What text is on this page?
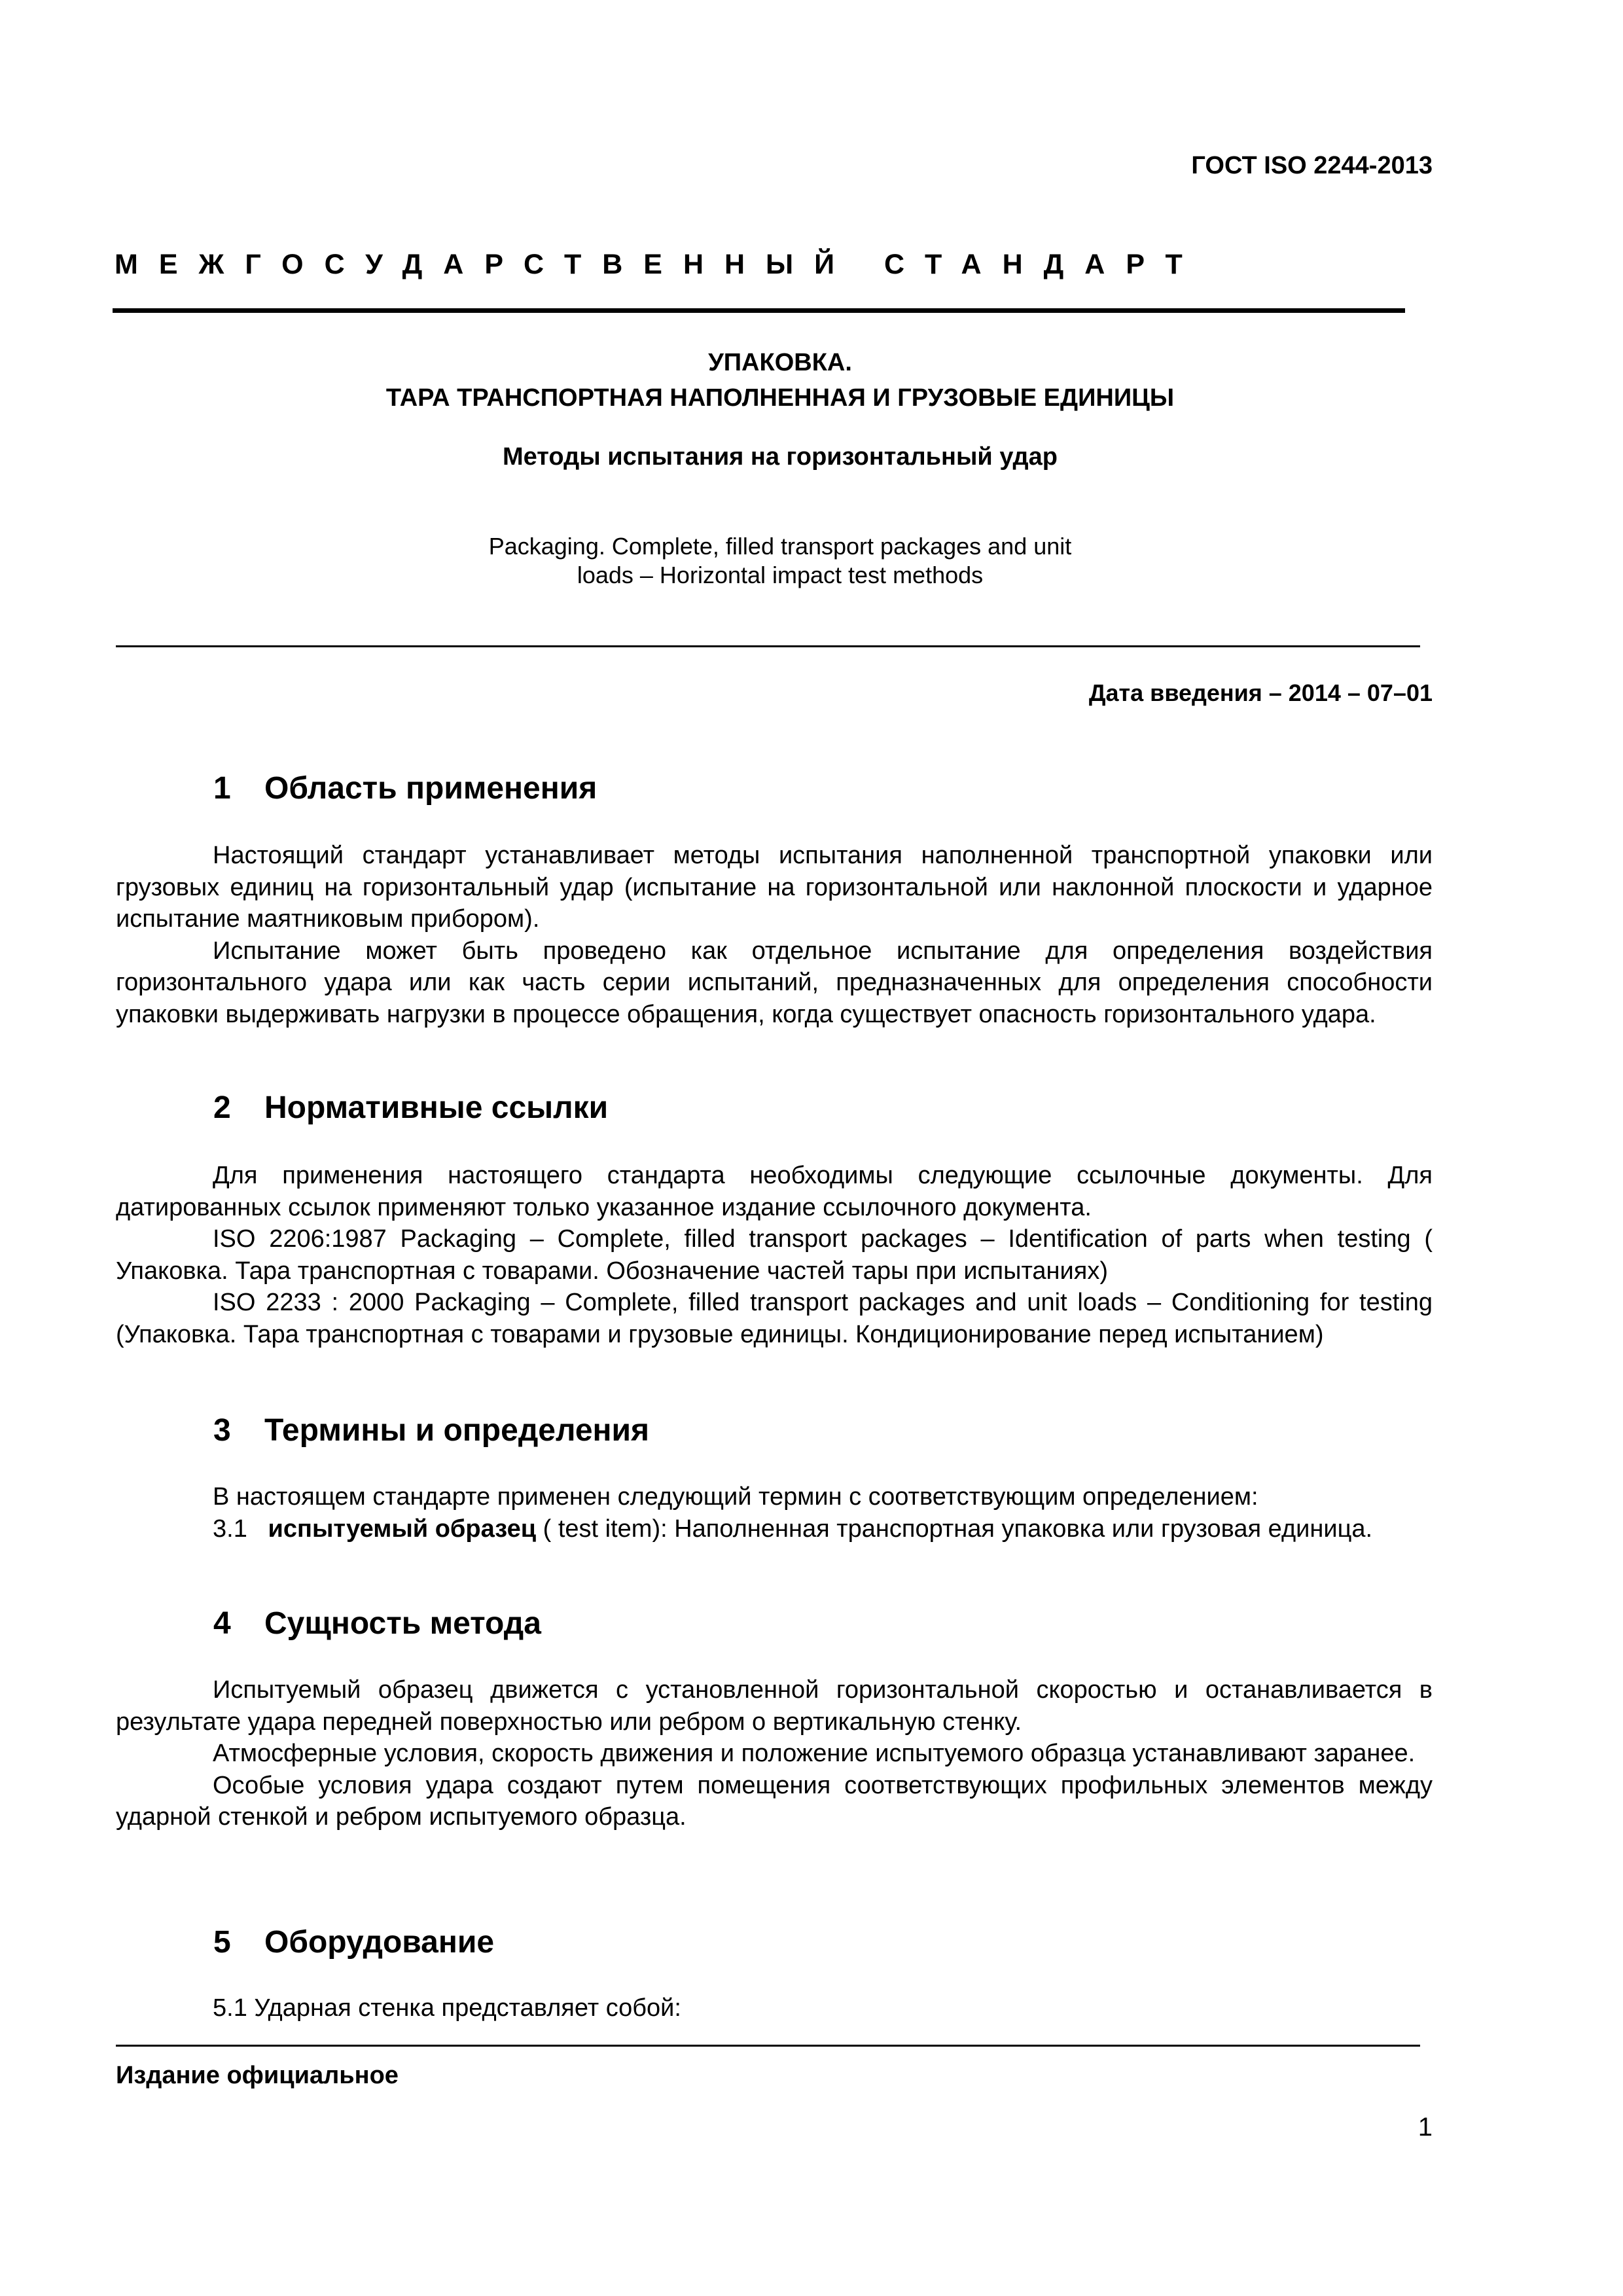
ГОСТ ISO 2244-2013
МЕЖГОСУДАРСТВЕННЫЙ СТАНДАРТ
УПАКОВКА.
ТАРА ТРАНСПОРТНАЯ НАПОЛНЕННАЯ И ГРУЗОВЫЕ ЕДИНИЦЫ
Методы испытания на горизонтальный удар
Packaging. Complete, filled transport packages and unit
loads – Horizontal impact test methods
Дата введения – 2014 – 07–01
1 Область применения

Настоящий стандарт устанавливает методы испытания наполненной транспортной упаковки или грузовых единиц на горизонтальный удар (испытание на горизонтальной или наклонной плоскости и ударное испытание маятниковым прибором).

Испытание может быть проведено как отдельное испытание для определения воздействия горизонтального удара или как часть серии испытаний, предназначенных для определения способности упаковки выдерживать нагрузки в процессе обращения, когда существует опасность горизонтального удара.

2 Нормативные ссылки

Для применения настоящего стандарта необходимы следующие ссылочные документы. Для датированных ссылок применяют только указанное издание ссылочного документа.

ISO 2206:1987 Packaging – Complete, filled transport packages – Identification of parts when testing ( Упаковка. Тара транспортная с товарами. Обозначение частей тары при испытаниях)

ISO 2233 : 2000 Packaging – Complete, filled transport packages and unit loads – Conditioning for testing (Упаковка. Тара транспортная с товарами и грузовые единицы. Кондиционирование перед испытанием)

3 Термины и определения

В настоящем стандарте применен следующий термин с соответствующим определением:

3.1 испытуемый образец ( test item): Наполненная транспортная упаковка или грузовая единица.

4 Сущность метода

Испытуемый образец движется с установленной горизонтальной скоростью и останавливается в результате удара передней поверхностью или ребром о вертикальную стенку.

Атмосферные условия, скорость движения и положение испытуемого образца устанавливают заранее.

Особые условия удара создают путем помещения соответствующих профильных элементов между ударной стенкой и ребром испытуемого образца.

5 Оборудование

5.1 Ударная стенка представляет собой:

Издание официальное
1
